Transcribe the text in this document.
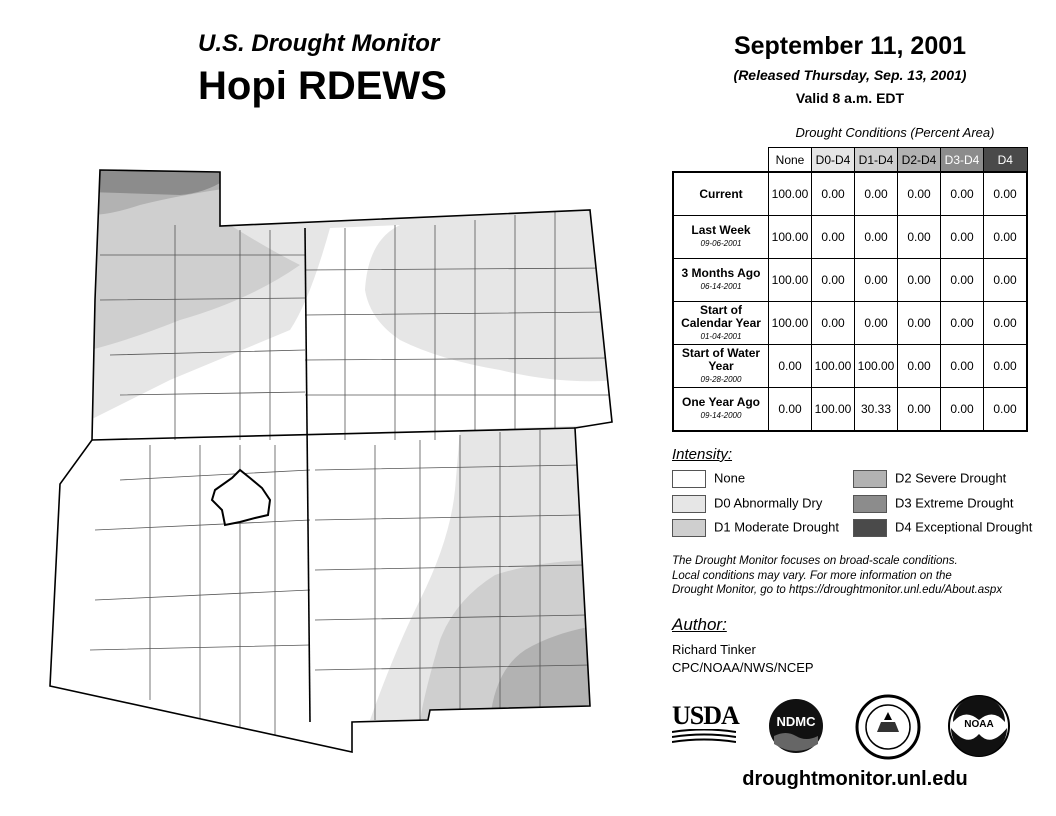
U.S. Drought Monitor
Hopi RDEWS
September 11, 2001
(Released Thursday, Sep. 13, 2001)
Valid 8 a.m. EDT
Drought Conditions (Percent Area)
	None	D0-D4	D1-D4	D2-D4	D3-D4	D4
Current	100.00	0.00	0.00	0.00	0.00	0.00
Last Week
09-06-2001	100.00	0.00	0.00	0.00	0.00	0.00
3 Months Ago
06-14-2001	100.00	0.00	0.00	0.00	0.00	0.00
Start of Calendar Year
01-04-2001	100.00	0.00	0.00	0.00	0.00	0.00
Start of Water Year
09-28-2000	0.00	100.00	100.00	0.00	0.00	0.00
One Year Ago
09-14-2000	0.00	100.00	30.33	0.00	0.00	0.00
Intensity:
None
D0 Abnormally Dry
D1 Moderate Drought
D2 Severe Drought
D3 Extreme Drought
D4 Exceptional Drought
The Drought Monitor focuses on broad-scale conditions.
Local conditions may vary. For more information on the
Drought Monitor, go to https://droughtmonitor.unl.edu/About.aspx
Author:
Richard Tinker
CPC/NOAA/NWS/NCEP
USDA	NDMC	NOAA
droughtmonitor.unl.edu
